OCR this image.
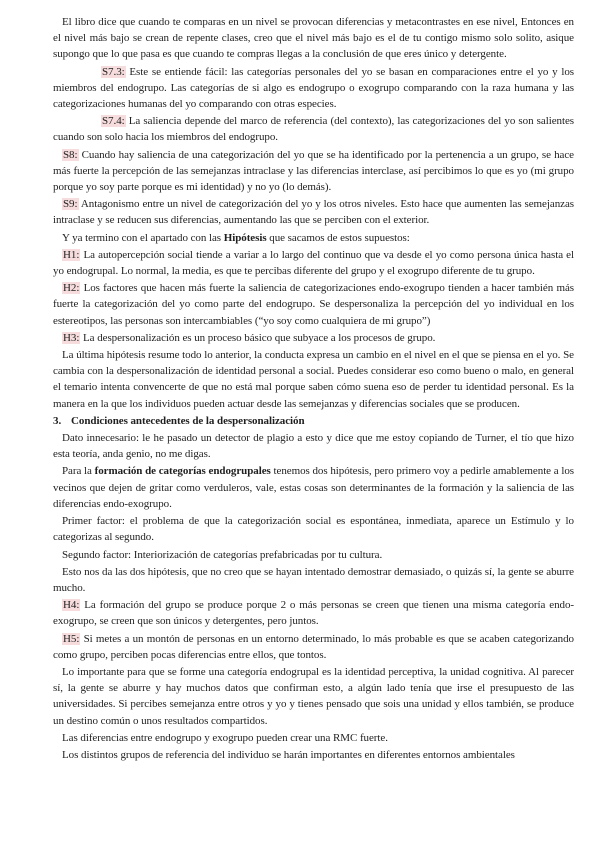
El libro dice que cuando te comparas en un nivel se provocan diferencias y metacontrastes en ese nivel, Entonces en el nivel más bajo se crean de repente clases, creo que el nivel más bajo es el de tu contigo mismo solo solito, asique supongo que lo que pasa es que cuando te compras llegas a la conclusión de que eres único y detergente.

S7.3: Este se entiende fácil: las categorías personales del yo se basan en comparaciones entre el yo y los miembros del endogrupo. Las categorías de si algo es endogrupo o exogrupo comparando con la raza humana y las categorizaciones humanas del yo comparando con otras especies.

S7.4: La saliencia depende del marco de referencia (del contexto), las categorizaciones del yo son salientes cuando son solo hacia los miembros del endogrupo.

S8: Cuando hay saliencia de una categorización del yo que se ha identificado por la pertenencia a un grupo, se hace más fuerte la percepción de las semejanzas intraclase y las diferencias interclase, así percibimos lo que es yo (mi grupo porque yo soy parte porque es mi identidad) y no yo (lo demás).

S9: Antagonismo entre un nivel de categorización del yo y los otros niveles. Esto hace que aumenten las semejanzas intraclase y se reducen sus diferencias, aumentando las que se perciben con el exterior.

Y ya termino con el apartado con las Hipótesis que sacamos de estos supuestos:

H1: La autopercepción social tiende a variar a lo largo del continuo que va desde el yo como persona única hasta el yo endogrupal. Lo normal, la media, es que te percibas diferente del grupo y el exogrupo diferente de tu grupo.

H2: Los factores que hacen más fuerte la saliencia de categorizaciones endo-exogrupo tienden a hacer también más fuerte la categorización del yo como parte del endogrupo. Se despersonaliza la percepción del yo individual en los estereotipos, las personas son intercambiables (“yo soy como cualquiera de mi grupo”)

H3: La despersonalización es un proceso básico que subyace a los procesos de grupo.

La última hipótesis resume todo lo anterior, la conducta expresa un cambio en el nivel en el que se piensa en el yo. Se cambia con la despersonalización de identidad personal a social. Puedes considerar eso como bueno o malo, en general el temario intenta convencerte de que no está mal porque saben cómo suena eso de perder tu identidad personal. Es la manera en la que los individuos pueden actuar desde las semejanzas y diferencias sociales que se producen.

3. Condiciones antecedentes de la despersonalización

Dato innecesario: le he pasado un detector de plagio a esto y dice que me estoy copiando de Turner, el tío que hizo esta teoría, anda genio, no me digas.

Para la formación de categorías endogrupales tenemos dos hipótesis, pero primero voy a pedirle amablemente a los vecinos que dejen de gritar como verduleros, vale, estas cosas son determinantes de la formación y la saliencia de las diferencias endo-exogrupo.

Primer factor: el problema de que la categorización social es espontánea, inmediata, aparece un Estímulo y lo categorizas al segundo.

Segundo factor: Interiorización de categorías prefabricadas por tu cultura.

Esto nos da las dos hipótesis, que no creo que se hayan intentado demostrar demasiado, o quizás sí, la gente se aburre mucho.

H4: La formación del grupo se produce porque 2 o más personas se creen que tienen una misma categoría endo-exogrupo, se creen que son únicos y detergentes, pero juntos.

H5: Si metes a un montón de personas en un entorno determinado, lo más probable es que se acaben categorizando como grupo, perciben pocas diferencias entre ellos, que tontos.

Lo importante para que se forme una categoría endogrupal es la identidad perceptiva, la unidad cognitiva. Al parecer sí, la gente se aburre y hay muchos datos que confirman esto, a algún lado tenía que irse el presupuesto de las universidades. Si percibes semejanza entre otros y yo y tienes pensado que sois una unidad y ellos también, se produce un destino común o unos resultados compartidos.

Las diferencias entre endogrupo y exogrupo pueden crear una RMC fuerte.

Los distintos grupos de referencia del individuo se harán importantes en diferentes entornos ambientales
